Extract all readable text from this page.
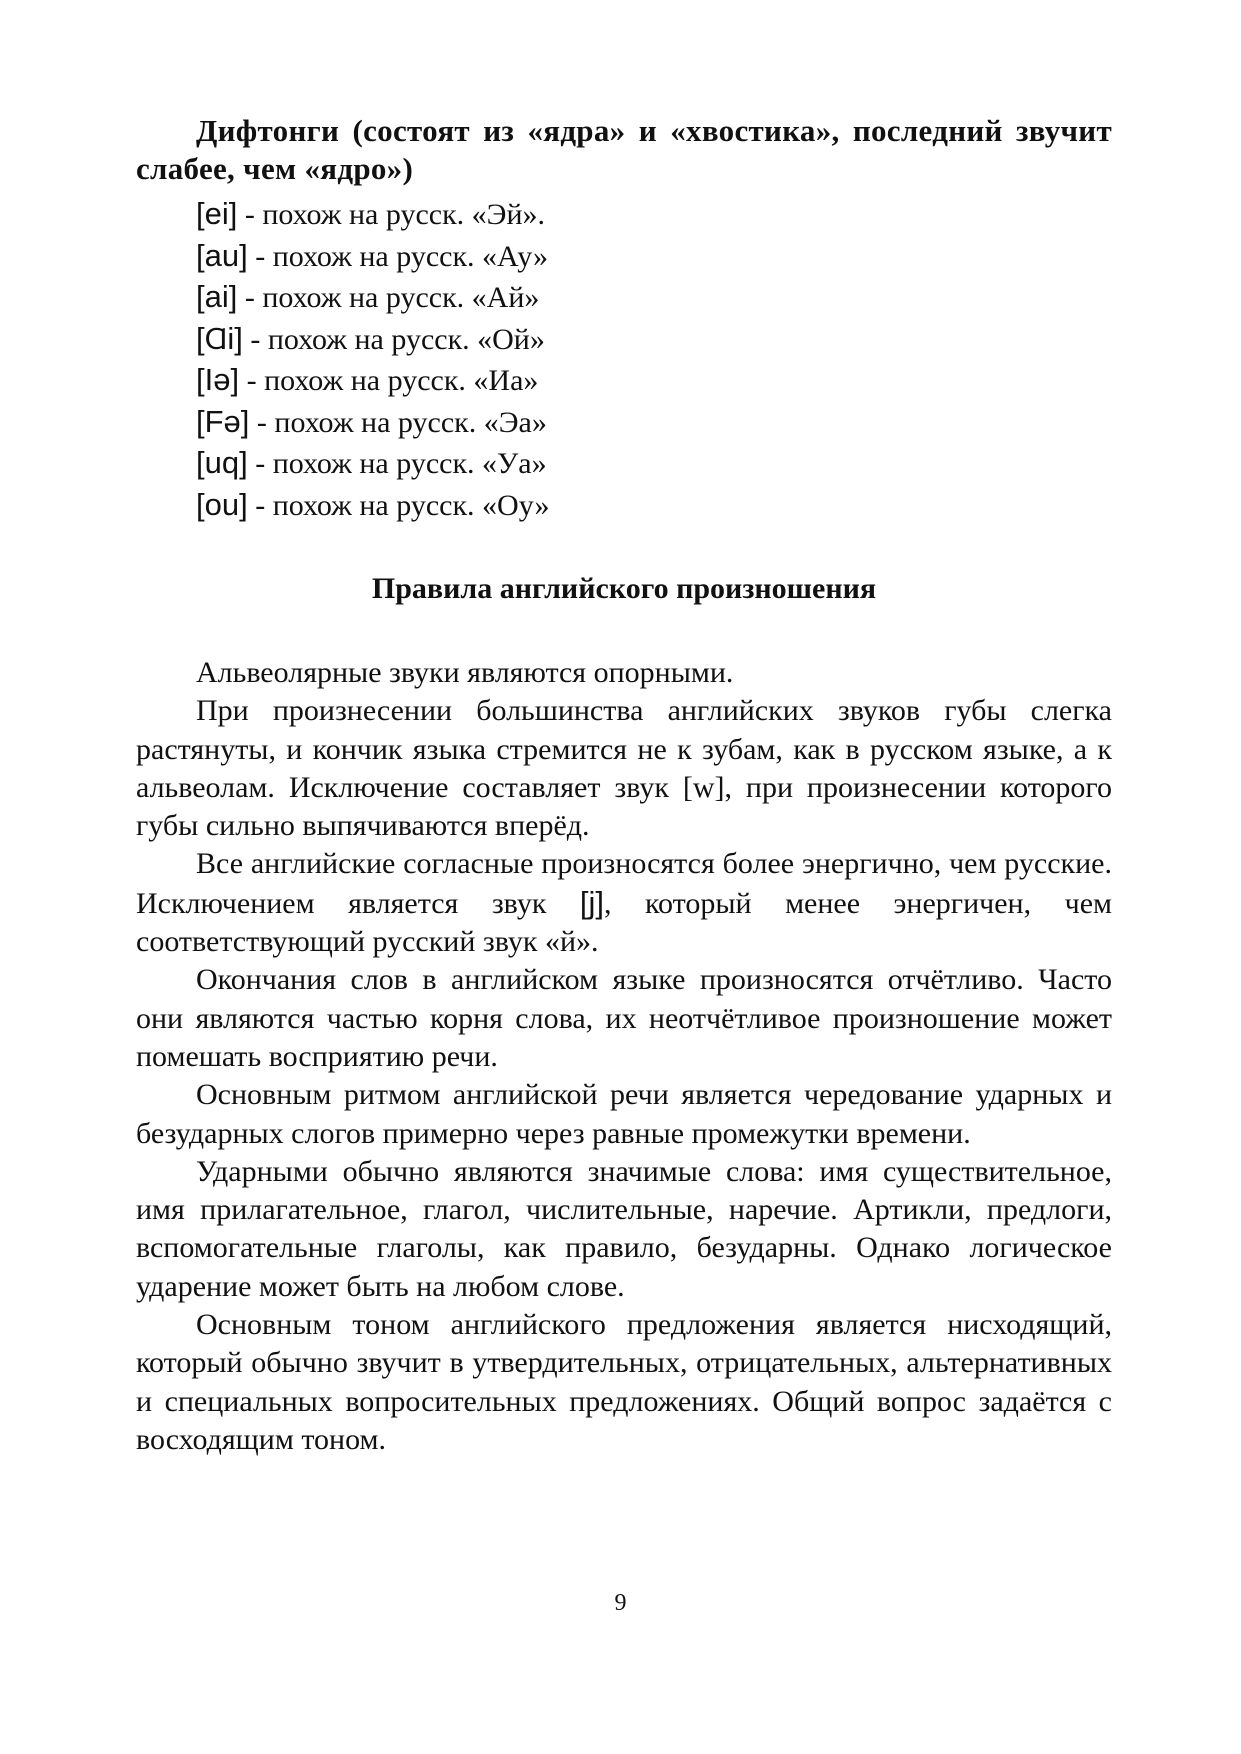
Дифтонги (состоят из «ядра» и «хвостика», последний звучит слабее, чем «ядро»)

[ei] - похож на русск. «Эй».
[au] - похож на русск. «Ау»
[ai] - похож на русск. «Ай»
[Ɑi] - похож на русск. «Ой»
[Iə] - похож на русск. «Иа»
[Fə] - похож на русск. «Эа»
[uq] - похож на русск. «Уа»
[ou] - похож на русск. «Оу»
Правила английского произношения

Альвеолярные звуки являются опорными.

При произнесении большинства английских звуков губы слегка растянуты, и кончик языка стремится не к зубам, как в русском языке, а к альвеолам. Исключение составляет звук [w], при произнесении которого губы сильно выпячиваются вперёд.

Все английские согласные произносятся более энергично, чем русские. Исключением является звук [j], который менее энергичен, чем соответствующий русский звук «й».

Окончания слов в английском языке произносятся отчётливо. Часто они являются частью корня слова, их неотчётливое произношение может помешать восприятию речи.

Основным ритмом английской речи является чередование ударных и безударных слогов примерно через равные промежутки времени.

Ударными обычно являются значимые слова: имя существительное, имя прилагательное, глагол, числительные, наречие. Артикли, предлоги, вспомогательные глаголы, как правило, безударны. Однако логическое ударение может быть на любом слове.

Основным тоном английского предложения является нисходящий, который обычно звучит в утвердительных, отрицательных, альтернативных и специальных вопросительных предложениях. Общий вопрос задаётся с восходящим тоном.

9
